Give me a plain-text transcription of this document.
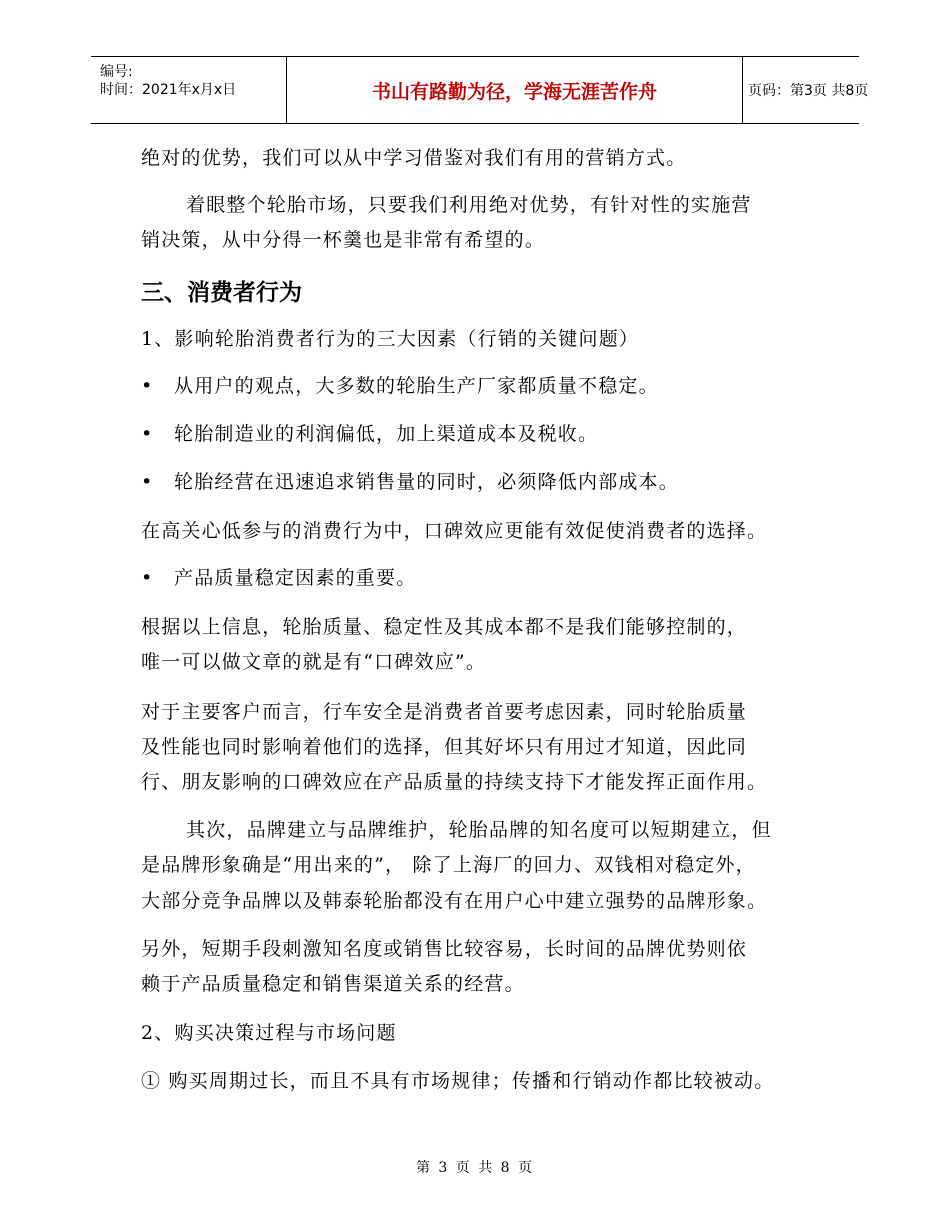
编号:
时间：2021年x月x日	书山有路勤为径，学海无涯苦作舟	页码：第3页 共8页
绝对的优势，我们可以从中学习借鉴对我们有用的营销方式。
着眼整个轮胎市场，只要我们利用绝对优势，有针对性的实施营
销决策，从中分得一杯羹也是非常有希望的。
三、消费者行为
1、影响轮胎消费者行为的三大因素（行销的关键问题）
• 从用户的观点，大多数的轮胎生产厂家都质量不稳定。
• 轮胎制造业的利润偏低，加上渠道成本及税收。
• 轮胎经营在迅速追求销售量的同时，必须降低内部成本。
在高关心低参与的消费行为中，口碑效应更能有效促使消费者的选择。
• 产品质量稳定因素的重要。
根据以上信息，轮胎质量、稳定性及其成本都不是我们能够控制的，
唯一可以做文章的就是有“口碑效应”。
对于主要客户而言，行车安全是消费者首要考虑因素，同时轮胎质量
及性能也同时影响着他们的选择，但其好坏只有用过才知道，因此同
行、朋友影响的口碑效应在产品质量的持续支持下才能发挥正面作用。
其次，品牌建立与品牌维护，轮胎品牌的知名度可以短期建立，但
是品牌形象确是“用出来的”， 除了上海厂的回力、双钱相对稳定外，
大部分竞争品牌以及韩泰轮胎都没有在用户心中建立强势的品牌形象。
另外，短期手段刺激知名度或销售比较容易，长时间的品牌优势则依
赖于产品质量稳定和销售渠道关系的经营。
2、购买决策过程与市场问题
① 购买周期过长，而且不具有市场规律；传播和行销动作都比较被动。
第 3 页 共 8 页
